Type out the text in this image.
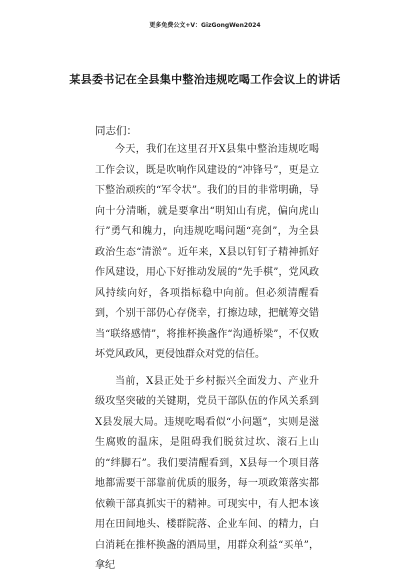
更多免费公文+V：GizGongWen2024
某县委书记在全县集中整治违规吃喝工作会议上的讲话
同志们：

今天，我们在这里召开X县集中整治违规吃喝工作会议，既是吹响作风建设的“冲锋号”，更是立下整治顽疾的“军令状”。我们的目的非常明确，导向十分清晰，就是要拿出“明知山有虎，偏向虎山行”勇气和魄力，向违规吃喝问题“亮剑”，为全县政治生态“清淤”。近年来，X县以钉钉子精神抓好作风建设，用心下好推动发展的“先手棋”，党风政风持续向好，各项指标稳中向前。但必须清醒看到，个别干部仍心存侥幸，打擦边球，把觥筹交错当“联络感情”，将推杯换盏作“沟通桥梁”，不仅败坏党风政风，更侵蚀群众对党的信任。

当前，X县正处于乡村振兴全面发力、产业升级攻坚突破的关键期，党员干部队伍的作风关系到X县发展大局。违规吃喝看似“小问题”，实则是滋生腐败的温床，是阻碍我们脱贫过坎、滚石上山的“绊脚石”。我们要清醒看到，X县每一个项目落地都需要干部靠前优质的服务，每一项政策落实都依赖干部真抓实干的精神。可现实中，有人把本该用在田间地头、楼群院落、企业车间、的精力，白白消耗在推杯换盏的酒局里，用群众利益“买单”，拿纪
